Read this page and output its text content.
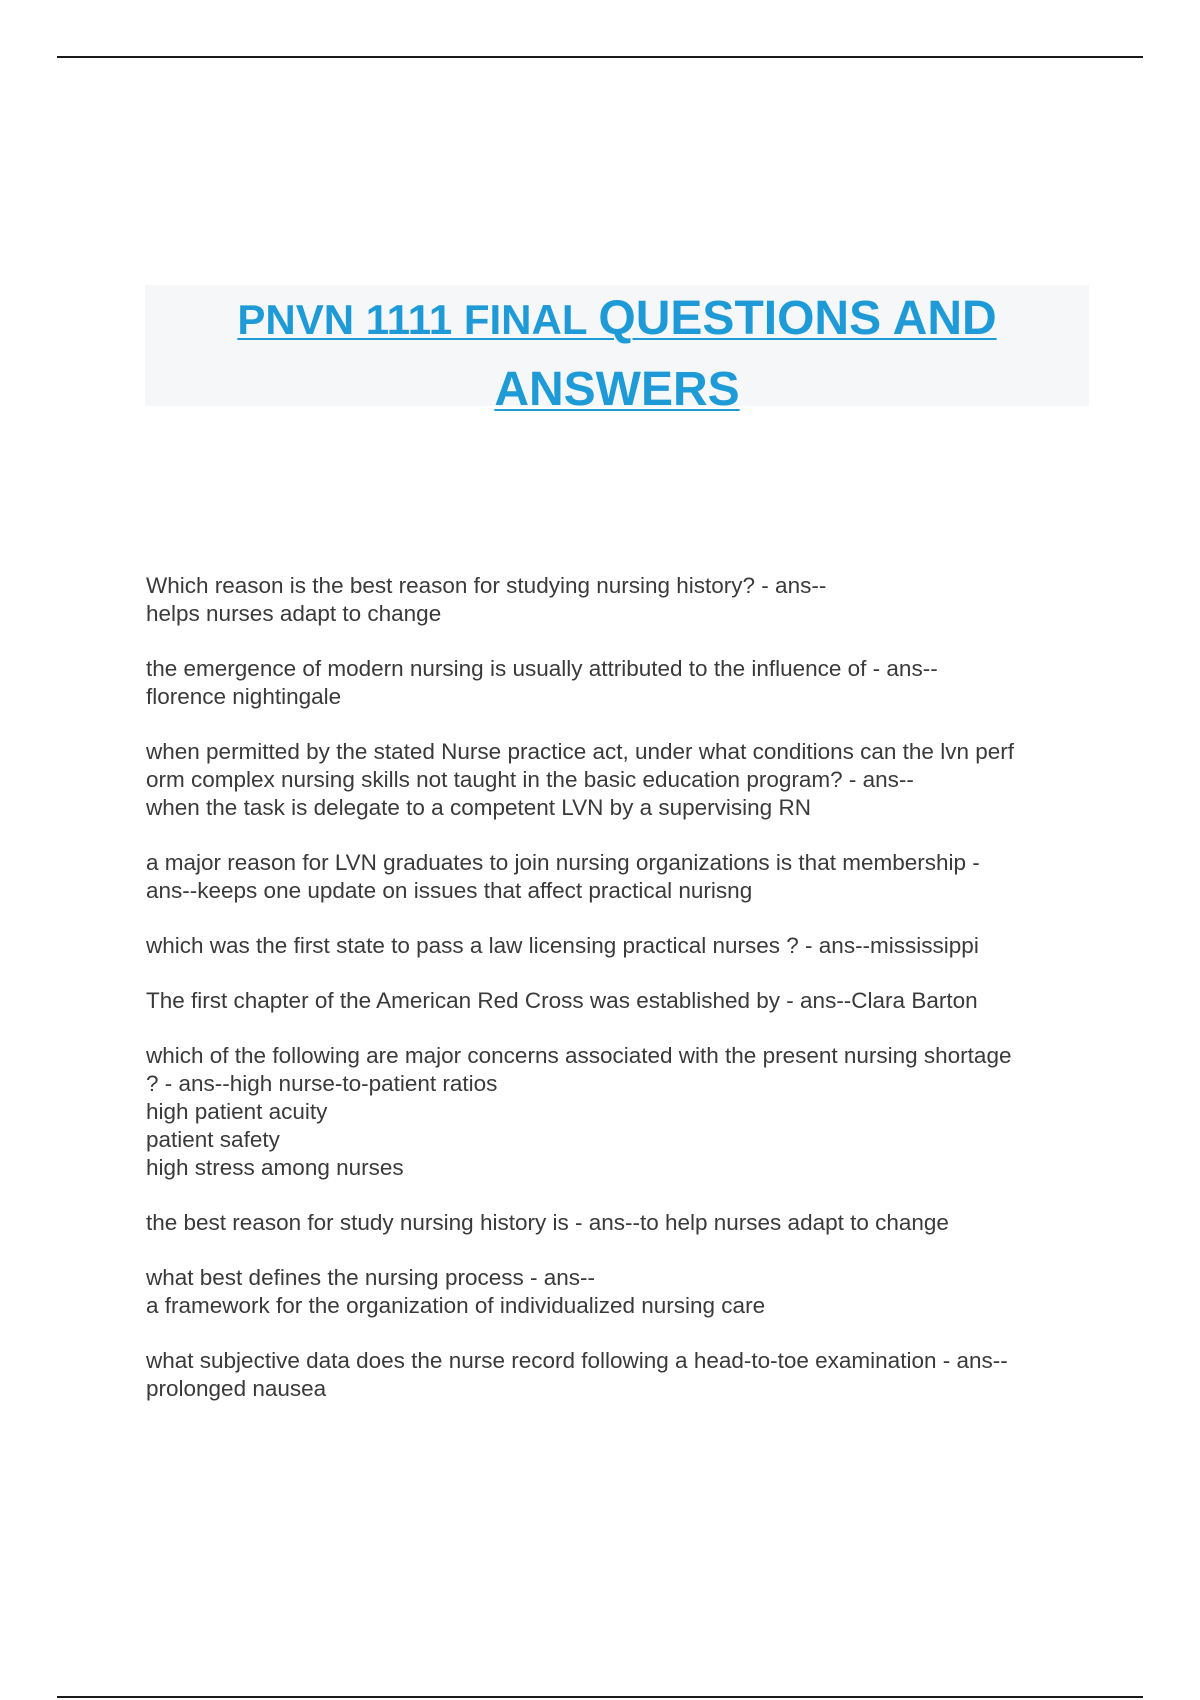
PNVN 1111 FINAL QUESTIONS AND
ANSWERS

Which reason is the best reason for studying nursing history? - ans--
helps nurses adapt to change

the emergence of modern nursing is usually attributed to the influence of - ans--
florence nightingale

when permitted by the stated Nurse practice act, under what conditions can the lvn perf
orm complex nursing skills not taught in the basic education program? - ans--
when the task is delegate to a competent LVN by a supervising RN

a major reason for LVN graduates to join nursing organizations is that membership -
ans--keeps one update on issues that affect practical nurisng

which was the first state to pass a law licensing practical nurses ? - ans--mississippi

The first chapter of the American Red Cross was established by - ans--Clara Barton

which of the following are major concerns associated with the present nursing shortage
? - ans--high nurse-to-patient ratios
high patient acuity
patient safety
high stress among nurses

the best reason for study nursing history is - ans--to help nurses adapt to change

what best defines the nursing process - ans--
a framework for the organization of individualized nursing care

what subjective data does the nurse record following a head-to-toe examination - ans--
prolonged nausea
